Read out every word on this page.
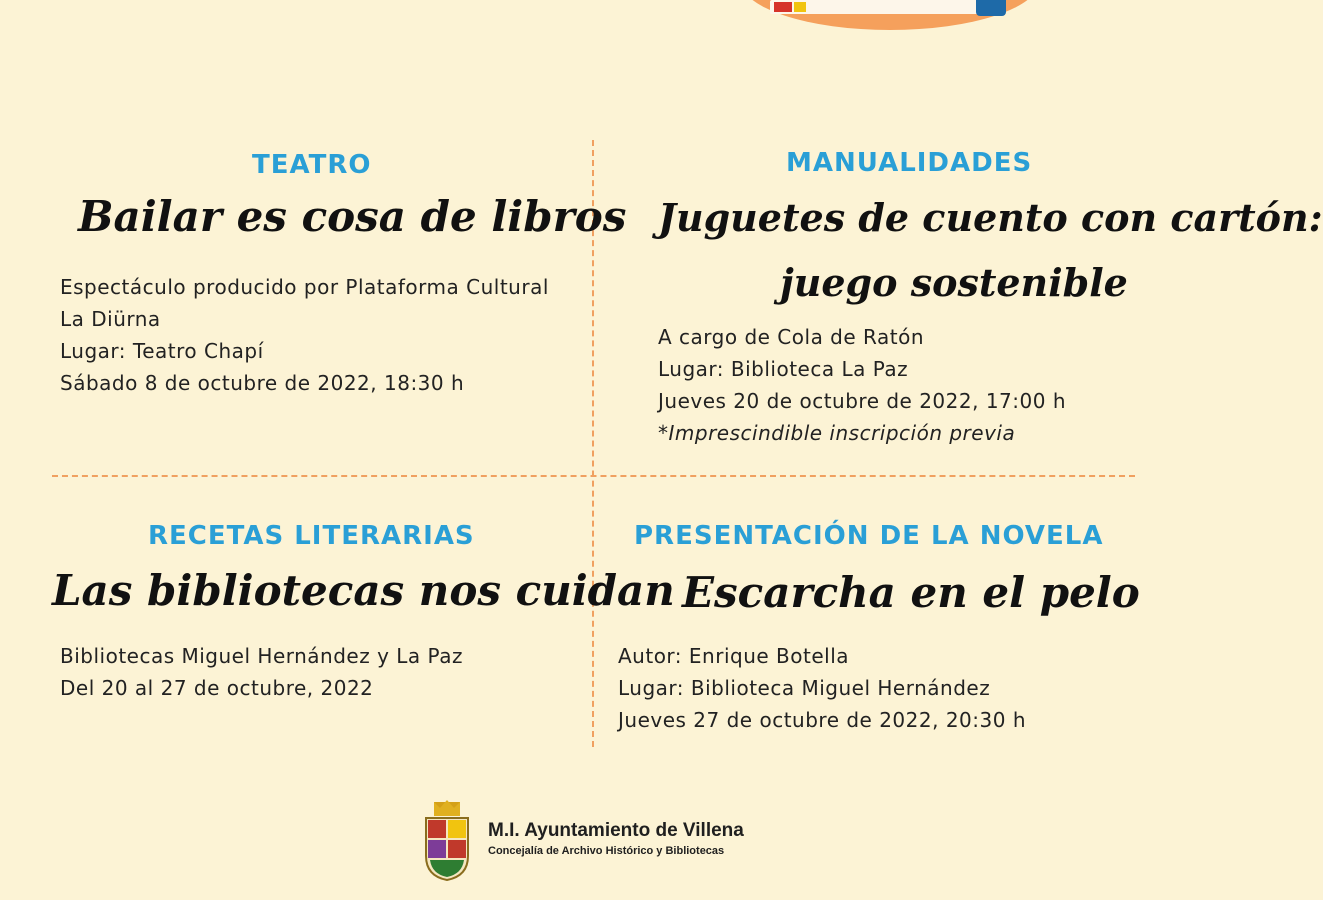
TEATRO
Bailar es cosa de libros
Espectáculo producido por Plataforma Cultural
La Diürna
Lugar: Teatro Chapí
Sábado 8 de octubre de 2022, 18:30 h
MANUALIDADES
Juguetes de cuento con cartón:
juego sostenible
A cargo de Cola de Ratón
Lugar: Biblioteca La Paz
Jueves 20 de octubre de 2022, 17:00 h
*Imprescindible inscripción previa
RECETAS LITERARIAS
Las bibliotecas nos cuidan
Bibliotecas Miguel Hernández y La Paz
Del 20 al 27 de octubre, 2022
PRESENTACIÓN DE LA NOVELA
Escarcha en el pelo
Autor: Enrique Botella
Lugar: Biblioteca Miguel Hernández
Jueves 27 de octubre de 2022, 20:30 h
M.I. Ayuntamiento de Villena
Concejalía de Archivo Histórico y Bibliotecas
